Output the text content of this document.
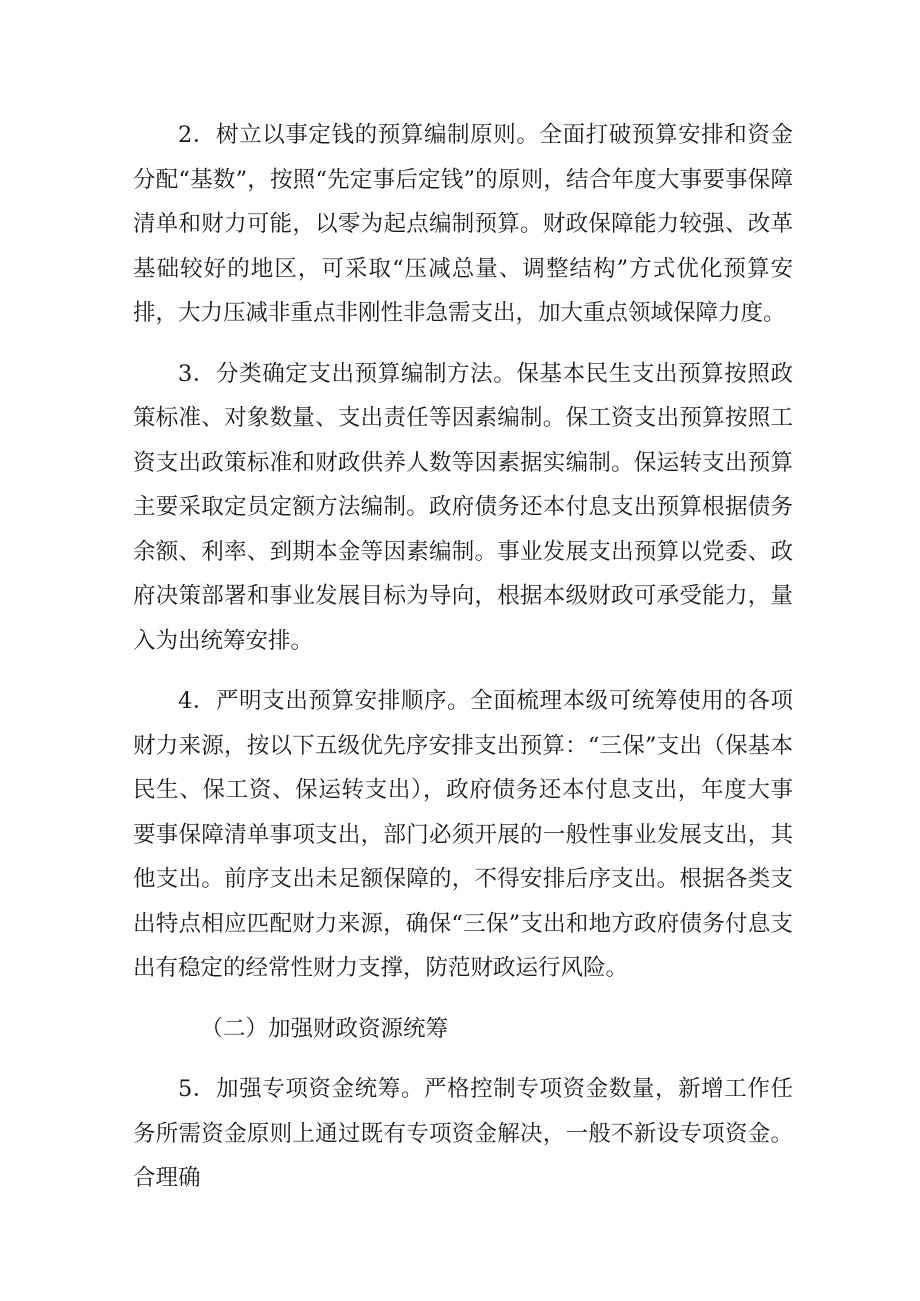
2．树立以事定钱的预算编制原则。全面打破预算安排和资金分配“基数”，按照“先定事后定钱”的原则，结合年度大事要事保障清单和财力可能，以零为起点编制预算。财政保障能力较强、改革基础较好的地区，可采取“压减总量、调整结构”方式优化预算安排，大力压减非重点非刚性非急需支出，加大重点领域保障力度。

3．分类确定支出预算编制方法。保基本民生支出预算按照政策标准、对象数量、支出责任等因素编制。保工资支出预算按照工资支出政策标准和财政供养人数等因素据实编制。保运转支出预算主要采取定员定额方法编制。政府债务还本付息支出预算根据债务余额、利率、到期本金等因素编制。事业发展支出预算以党委、政府决策部署和事业发展目标为导向，根据本级财政可承受能力，量入为出统筹安排。

4．严明支出预算安排顺序。全面梳理本级可统筹使用的各项财力来源，按以下五级优先序安排支出预算：“三保”支出（保基本民生、保工资、保运转支出），政府债务还本付息支出，年度大事要事保障清单事项支出，部门必须开展的一般性事业发展支出，其他支出。前序支出未足额保障的，不得安排后序支出。根据各类支出特点相应匹配财力来源，确保“三保”支出和地方政府债务付息支出有稳定的经常性财力支撑，防范财政运行风险。

（二）加强财政资源统筹

5．加强专项资金统筹。严格控制专项资金数量，新增工作任务所需资金原则上通过既有专项资金解决，一般不新设专项资金。合理确
